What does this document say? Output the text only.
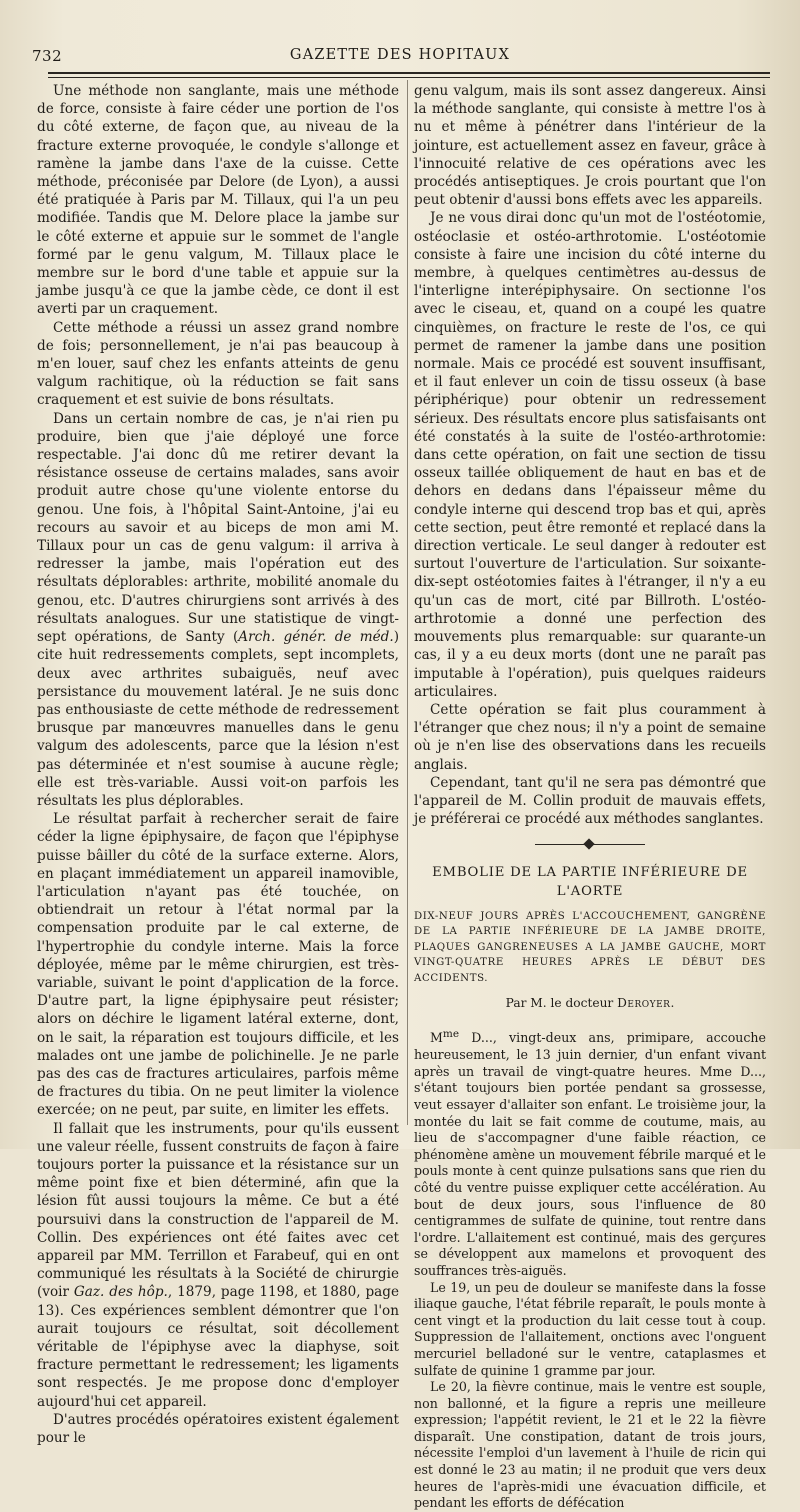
732	GAZETTE DES HOPITAUX

Une méthode non sanglante, mais une méthode de force, consiste à faire céder une portion de l'os du côté externe, de façon que, au niveau de la fracture externe provoquée, le condyle s'allonge et ramène la jambe dans l'axe de la cuisse. Cette méthode, préconisée par Delore (de Lyon), a aussi été pratiquée à Paris par M. Tillaux, qui l'a un peu modifiée. Tandis que M. Delore place la jambe sur le côté externe et appuie sur le sommet de l'angle formé par le genu valgum, M. Tillaux place le membre sur le bord d'une table et appuie sur la jambe jusqu'à ce que la jambe cède, ce dont il est averti par un craquement.

Cette méthode a réussi un assez grand nombre de fois; personnellement, je n'ai pas beaucoup à m'en louer, sauf chez les enfants atteints de genu valgum rachitique, où la réduction se fait sans craquement et est suivie de bons résultats.

Dans un certain nombre de cas, je n'ai rien pu produire, bien que j'aie déployé une force respectable. J'ai donc dû me retirer devant la résistance osseuse de certains malades, sans avoir produit autre chose qu'une violente entorse du genou. Une fois, à l'hôpital Saint-Antoine, j'ai eu recours au savoir et au biceps de mon ami M. Tillaux pour un cas de genu valgum: il arriva à redresser la jambe, mais l'opération eut des résultats déplorables: arthrite, mobilité anomale du genou, etc. D'autres chirurgiens sont arrivés à des résultats analogues. Sur une statistique de vingt-sept opérations, de Santy (Arch. génér. de méd.) cite huit redressements complets, sept incomplets, deux avec arthrites subaiguës, neuf avec persistance du mouvement latéral. Je ne suis donc pas enthousiaste de cette méthode de redressement brusque par manœuvres manuelles dans le genu valgum des adolescents, parce que la lésion n'est pas déterminée et n'est soumise à aucune règle; elle est très-variable. Aussi voit-on parfois les résultats les plus déplorables.

Le résultat parfait à rechercher serait de faire céder la ligne épiphysaire, de façon que l'épiphyse puisse bâiller du côté de la surface externe. Alors, en plaçant immédiatement un appareil inamovible, l'articulation n'ayant pas été touchée, on obtiendrait un retour à l'état normal par la compensation produite par le cal externe, de l'hypertrophie du condyle interne. Mais la force déployée, même par le même chirurgien, est très-variable, suivant le point d'application de la force. D'autre part, la ligne épiphysaire peut résister; alors on déchire le ligament latéral externe, dont, on le sait, la réparation est toujours difficile, et les malades ont une jambe de polichinelle. Je ne parle pas des cas de fractures articulaires, parfois même de fractures du tibia. On ne peut limiter la violence exercée; on ne peut, par suite, en limiter les effets.

Il fallait que les instruments, pour qu'ils eussent une valeur réelle, fussent construits de façon à faire toujours porter la puissance et la résistance sur un même point fixe et bien déterminé, afin que la lésion fût aussi toujours la même. Ce but a été poursuivi dans la construction de l'appareil de M. Collin. Des expériences ont été faites avec cet appareil par MM. Terrillon et Farabeuf, qui en ont communiqué les résultats à la Société de chirurgie (voir Gaz. des hôp., 1879, page 1198, et 1880, page 13). Ces expériences semblent démontrer que l'on aurait toujours ce résultat, soit décollement véritable de l'épiphyse avec la diaphyse, soit fracture permettant le redressement; les ligaments sont respectés. Je me propose donc d'employer aujourd'hui cet appareil.

D'autres procédés opératoires existent également pour le

genu valgum, mais ils sont assez dangereux. Ainsi la méthode sanglante, qui consiste à mettre l'os à nu et même à pénétrer dans l'intérieur de la jointure, est actuellement assez en faveur, grâce à l'innocuité relative de ces opérations avec les procédés antiseptiques. Je crois pourtant que l'on peut obtenir d'aussi bons effets avec les appareils.

Je ne vous dirai donc qu'un mot de l'ostéotomie, ostéoclasie et ostéo-arthrotomie. L'ostéotomie consiste à faire une incision du côté interne du membre, à quelques centimètres au-dessus de l'interligne interépiphysaire. On sectionne l'os avec le ciseau, et, quand on a coupé les quatre cinquièmes, on fracture le reste de l'os, ce qui permet de ramener la jambe dans une position normale. Mais ce procédé est souvent insuffisant, et il faut enlever un coin de tissu osseux (à base périphérique) pour obtenir un redressement sérieux. Des résultats encore plus satisfaisants ont été constatés à la suite de l'ostéo-arthrotomie: dans cette opération, on fait une section de tissu osseux taillée obliquement de haut en bas et de dehors en dedans dans l'épaisseur même du condyle interne qui descend trop bas et qui, après cette section, peut être remonté et replacé dans la direction verticale. Le seul danger à redouter est surtout l'ouverture de l'articulation. Sur soixante-dix-sept ostéotomies faites à l'étranger, il n'y a eu qu'un cas de mort, cité par Billroth. L'ostéo-arthrotomie a donné une perfection des mouvements plus remarquable: sur quarante-un cas, il y a eu deux morts (dont une ne paraît pas imputable à l'opération), puis quelques raideurs articulaires.

Cette opération se fait plus couramment à l'étranger que chez nous; il n'y a point de semaine où je n'en lise des observations dans les recueils anglais.

Cependant, tant qu'il ne sera pas démontré que l'appareil de M. Collin produit de mauvais effets, je préférerai ce procédé aux méthodes sanglantes.

EMBOLIE DE LA PARTIE INFÉRIEURE DE L'AORTE
DIX-NEUF JOURS APRÈS L'ACCOUCHEMENT, GANGRÈNE DE LA PARTIE INFÉRIEURE DE LA JAMBE DROITE, PLAQUES GANGRENEUSES A LA JAMBE GAUCHE, MORT VINGT-QUATRE HEURES APRÈS LE DÉBUT DES ACCIDENTS.
Par M. le docteur Deroyer.

$M^{me}$ D..., vingt-deux ans, primipare, accouche heureusement, le 13 juin dernier, d'un enfant vivant après un travail de vingt-quatre heures. Mme D..., s'étant toujours bien portée pendant sa grossesse, veut essayer d'allaiter son enfant. Le troisième jour, la montée du lait se fait comme de coutume, mais, au lieu de s'accompagner d'une faible réaction, ce phénomène amène un mouvement fébrile marqué et le pouls monte à cent quinze pulsations sans que rien du côté du ventre puisse expliquer cette accélération. Au bout de deux jours, sous l'influence de 80 centigrammes de sulfate de quinine, tout rentre dans l'ordre. L'allaitement est continué, mais des gerçures se développent aux mamelons et provoquent des souffrances très-aiguës.

Le 19, un peu de douleur se manifeste dans la fosse iliaque gauche, l'état fébrile reparaît, le pouls monte à cent vingt et la production du lait cesse tout à coup. Suppression de l'allaitement, onctions avec l'onguent mercuriel belladoné sur le ventre, cataplasmes et sulfate de quinine 1 gramme par jour.

Le 20, la fièvre continue, mais le ventre est souple, non ballonné, et la figure a repris une meilleure expression; l'appétit revient, le 21 et le 22 la fièvre disparaît. Une constipation, datant de trois jours, nécessite l'emploi d'un lavement à l'huile de ricin qui est donné le 23 au matin; il ne produit que vers deux heures de l'après-midi une évacuation difficile, et pendant les efforts de défécation
